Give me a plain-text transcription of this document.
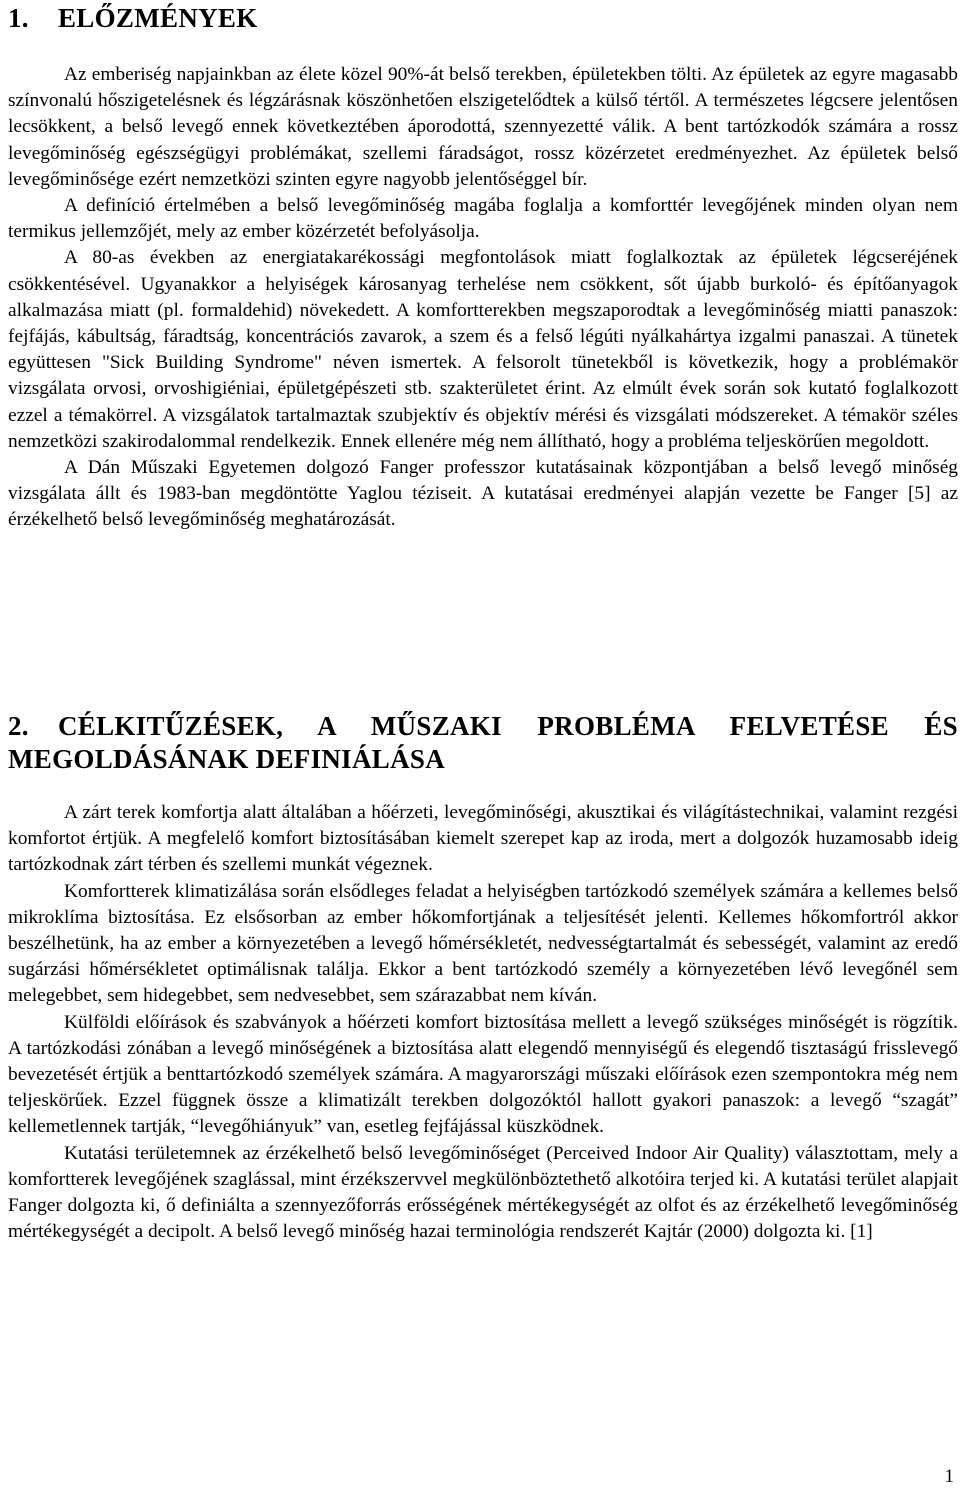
1. ELŐZMÉNYEK

Az emberiség napjainkban az élete közel 90%-át belső terekben, épületekben tölti. Az épületek az egyre magasabb színvonalú hőszigetelésnek és légzárásnak köszönhetően elszigetelődtek a külső tértől. A természetes légcsere jelentősen lecsökkent, a belső levegő ennek következtében áporodottá, szennyezetté válik. A bent tartózkodók számára a rossz levegőminőség egészségügyi problémákat, szellemi fáradságot, rossz közérzetet eredményezhet. Az épületek belső levegőminősége ezért nemzetközi szinten egyre nagyobb jelentőséggel bír.

A definíció értelmében a belső levegőminőség magába foglalja a komforttér levegőjének minden olyan nem termikus jellemzőjét, mely az ember közérzetét befolyásolja.

A 80-as években az energiatakarékossági megfontolások miatt foglalkoztak az épületek légcseréjének csökkentésével. Ugyanakkor a helyiségek károsanyag terhelése nem csökkent, sőt újabb burkoló- és építőanyagok alkalmazása miatt (pl. formaldehid) növekedett. A komfortterekben megszaporodtak a levegőminőség miatti panaszok: fejfájás, kábultság, fáradtság, koncentrációs zavarok, a szem és a felső légúti nyálkahártya izgalmi panaszai. A tünetek együttesen "Sick Building Syndrome" néven ismertek. A felsorolt tünetekből is következik, hogy a problémakör vizsgálata orvosi, orvoshigiéniai, épületgépészeti stb. szakterületet érint. Az elmúlt évek során sok kutató foglalkozott ezzel a témakörrel. A vizsgálatok tartalmaztak szubjektív és objektív mérési és vizsgálati módszereket. A témakör széles nemzetközi szakirodalommal rendelkezik. Ennek ellenére még nem állítható, hogy a probléma teljeskörűen megoldott.

A Dán Műszaki Egyetemen dolgozó Fanger professzor kutatásainak központjában a belső levegő minőség vizsgálata állt és 1983-ban megdöntötte Yaglou téziseit. A kutatásai eredményei alapján vezette be Fanger [5] az érzékelhető belső levegőminőség meghatározását.

2. CÉLKITŰZÉSEK, A MŰSZAKI PROBLÉMA FELVETÉSE ÉS
MEGOLDÁSÁNAK DEFINIÁLÁSA

A zárt terek komfortja alatt általában a hőérzeti, levegőminőségi, akusztikai és világítástechnikai, valamint rezgési komfortot értjük. A megfelelő komfort biztosításában kiemelt szerepet kap az iroda, mert a dolgozók huzamosabb ideig tartózkodnak zárt térben és szellemi munkát végeznek.

Komfortterek klimatizálása során elsődleges feladat a helyiségben tartózkodó személyek számára a kellemes belső mikroklíma biztosítása. Ez elsősorban az ember hőkomfortjának a teljesítését jelenti. Kellemes hőkomfortról akkor beszélhetünk, ha az ember a környezetében a levegő hőmérsékletét, nedvességtartalmát és sebességét, valamint az eredő sugárzási hőmérsékletet optimálisnak találja. Ekkor a bent tartózkodó személy a környezetében lévő levegőnél sem melegebbet, sem hidegebbet, sem nedvesebbet, sem szárazabbat nem kíván.

Külföldi előírások és szabványok a hőérzeti komfort biztosítása mellett a levegő szükséges minőségét is rögzítik. A tartózkodási zónában a levegő minőségének a biztosítása alatt elegendő mennyiségű és elegendő tisztaságú frisslevegő bevezetését értjük a benttartózkodó személyek számára. A magyarországi műszaki előírások ezen szempontokra még nem teljeskörűek. Ezzel függnek össze a klimatizált terekben dolgozóktól hallott gyakori panaszok: a levegő “szagát” kellemetlennek tartják, “levegőhiányuk” van, esetleg fejfájással küszködnek.

Kutatási területemnek az érzékelhető belső levegőminőséget (Perceived Indoor Air Quality) választottam, mely a komfortterek levegőjének szaglással, mint érzékszervvel megkülönböztethető alkotóira terjed ki. A kutatási terület alapjait Fanger dolgozta ki, ő definiálta a szennyezőforrás erősségének mértékegységét az olfot és az érzékelhető levegőminőség mértékegységét a decipolt. A belső levegő minőség hazai terminológia rendszerét Kajtár (2000) dolgozta ki. [1]

1
